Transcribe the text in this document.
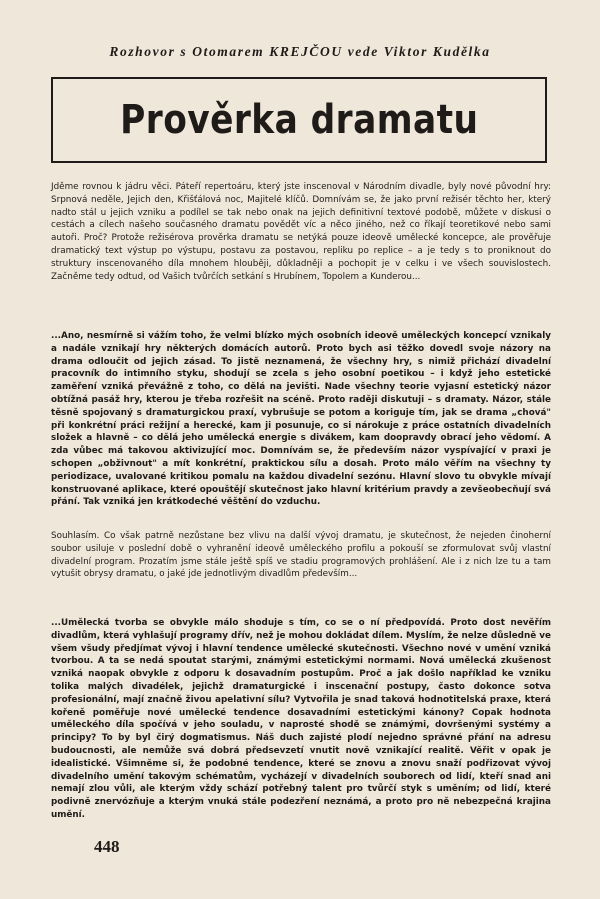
Rozhovor s Otomarem KREJČOU vede Viktor Kudělka
Prověrka dramatu

Jděme rovnou k jádru věci. Páteří repertoáru, který jste inscenoval v Národním divadle, byly nové původní hry: Srpnová neděle, Jejich den, Křišťálová noc, Majitelé klíčů. Domnívám se, že jako první režisér těchto her, který nadto stál u jejich vzniku a podílel se tak nebo onak na jejich definitivní textové podobě, můžete v diskusi o cestách a cílech našeho současného dramatu povědět víc a něco jiného, než co říkají teoretikové nebo sami autoři. Proč? Protože režisérova prověrka dramatu se netýká pouze ideově umělecké koncepce, ale prověřuje dramatický text výstup po výstupu, postavu za postavou, repliku po replice – a je tedy s to proniknout do struktury inscenovaného díla mnohem hlouběji, důkladněji a pochopit je v celku i ve všech souvislostech. Začněme tedy odtud, od Vašich tvůrčích setkání s Hrubínem, Topolem a Kunderou...

...Ano, nesmírně si vážím toho, že velmi blízko mých osobních ideově uměleckých koncepcí vznikaly a nadále vznikají hry některých domácích autorů. Proto bych asi těžko dovedl svoje názory na drama odloučit od jejich zásad. To jistě neznamená, že všechny hry, s nimiž přichází divadelní pracovník do intimního styku, shodují se zcela s jeho osobní poetikou – i když jeho estetické zaměření vzniká převážně z toho, co dělá na jevišti. Nade všechny teorie vyjasní estetický názor obtížná pasáž hry, kterou je třeba rozřešit na scéně. Proto raději diskutuji – s dramaty. Názor, stále těsně spojovaný s dramaturgickou praxí, vybrušuje se potom a koriguje tím, jak se drama „chová" při konkrétní práci režijní a herecké, kam ji posunuje, co si nárokuje z práce ostatních divadelních složek a hlavně – co dělá jeho umělecká energie s divákem, kam doopravdy obrací jeho vědomí. A zda vůbec má takovou aktivizující moc. Domnívám se, že především názor vyspívající v praxi je schopen „obživnout" a mít konkrétní, praktickou sílu a dosah. Proto málo věřím na všechny ty periodizace, uvalované kritikou pomalu na každou divadelní sezónu. Hlavní slovo tu obvykle mívají konstruované aplikace, které opouštějí skutečnost jako hlavní kritérium pravdy a zevšeobecňují svá přání. Tak vzniká jen krátkodeché věštění do vzduchu.

Souhlasím. Co však patrně nezůstane bez vlivu na další vývoj dramatu, je skutečnost, že nejeden činoherní soubor usiluje v poslední době o vyhranění ideově uměleckého profilu a pokouší se zformulovat svůj vlastní divadelní program. Prozatím jsme stále ještě spíš ve stadiu programových prohlášení. Ale i z nich lze tu a tam vytušit obrysy dramatu, o jaké jde jednotlivým divadlům především...

...Umělecká tvorba se obvykle málo shoduje s tím, co se o ní předpovídá. Proto dost nevěřím divadlům, která vyhlašují programy dřív, než je mohou dokládat dílem. Myslím, že nelze důsledně ve všem všudy předjímat vývoj i hlavní tendence umělecké skutečnosti. Všechno nové v umění vzniká tvorbou. A ta se nedá spoutat starými, známými estetickými normami. Nová umělecká zkušenost vzniká naopak obvykle z odporu k dosavadním postupům. Proč a jak došlo například ke vzniku tolika malých divadélek, jejichž dramaturgické i inscenační postupy, často dokonce sotva profesionální, mají značně živou apelativní sílu? Vytvořila je snad taková hodnotitelská praxe, která kořeně poměřuje nové umělecké tendence dosavadními estetickými kánony? Copak hodnota uměleckého díla spočívá v jeho souladu, v naprosté shodě se známými, dovršenými systémy a principy? To by byl čirý dogmatismus. Náš duch zajisté plodí nejedno správné přání na adresu budoucnosti, ale nemůže svá dobrá předsevzetí vnutit nově vznikající realitě. Věřit v opak je idealistické. Všimněme si, že podobné tendence, které se znovu a znovu snaží podřizovat vývoj divadelního umění takovým schématům, vycházejí v divadelních souborech od lidí, kteří snad ani nemají zlou vůli, ale kterým vždy schází potřebný talent pro tvůrčí styk s uměním; od lidí, které podivně znervózňuje a kterým vnuká stále podezření neznámá, a proto pro ně nebezpečná krajina umění.

448
